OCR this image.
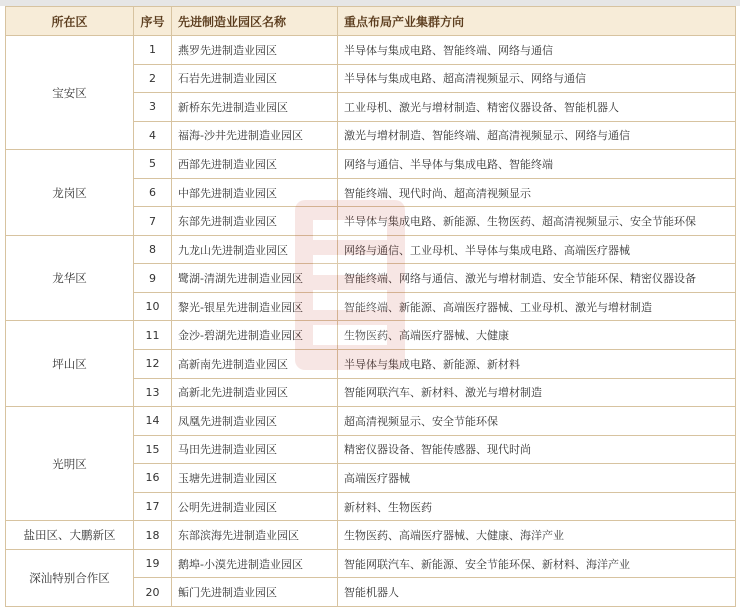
所在区	序号	先进制造业园区名称	重点布局产业集群方向
宝安区	1	燕罗先进制造业园区	半导体与集成电路、智能终端、网络与通信
	2	石岩先进制造业园区	半导体与集成电路、超高清视频显示、网络与通信
	3	新桥东先进制造业园区	工业母机、激光与增材制造、精密仪器设备、智能机器人
	4	福海-沙井先进制造业园区	激光与增材制造、智能终端、超高清视频显示、网络与通信
龙岗区	5	西部先进制造业园区	网络与通信、半导体与集成电路、智能终端
	6	中部先进制造业园区	智能终端、现代时尚、超高清视频显示
	7	东部先进制造业园区	半导体与集成电路、新能源、生物医药、超高清视频显示、安全节能环保
龙华区	8	九龙山先进制造业园区	网络与通信、工业母机、半导体与集成电路、高端医疗器械
	9	鹭湖-清湖先进制造业园区	智能终端、网络与通信、激光与增材制造、安全节能环保、精密仪器设备
	10	黎光-银星先进制造业园区	智能终端、新能源、高端医疗器械、工业母机、激光与增材制造
坪山区	11	金沙-碧湖先进制造业园区	生物医药、高端医疗器械、大健康
	12	高新南先进制造业园区	半导体与集成电路、新能源、新材料
	13	高新北先进制造业园区	智能网联汽车、新材料、激光与增材制造
光明区	14	凤凰先进制造业园区	超高清视频显示、安全节能环保
	15	马田先进制造业园区	精密仪器设备、智能传感器、现代时尚
	16	玉塘先进制造业园区	高端医疗器械
	17	公明先进制造业园区	新材料、生物医药
盐田区、大鹏新区	18	东部滨海先进制造业园区	生物医药、高端医疗器械、大健康、海洋产业
深汕特别合作区	19	鹅埠-小漠先进制造业园区	智能网联汽车、新能源、安全节能环保、新材料、海洋产业
	20	鲘门先进制造业园区	智能机器人
